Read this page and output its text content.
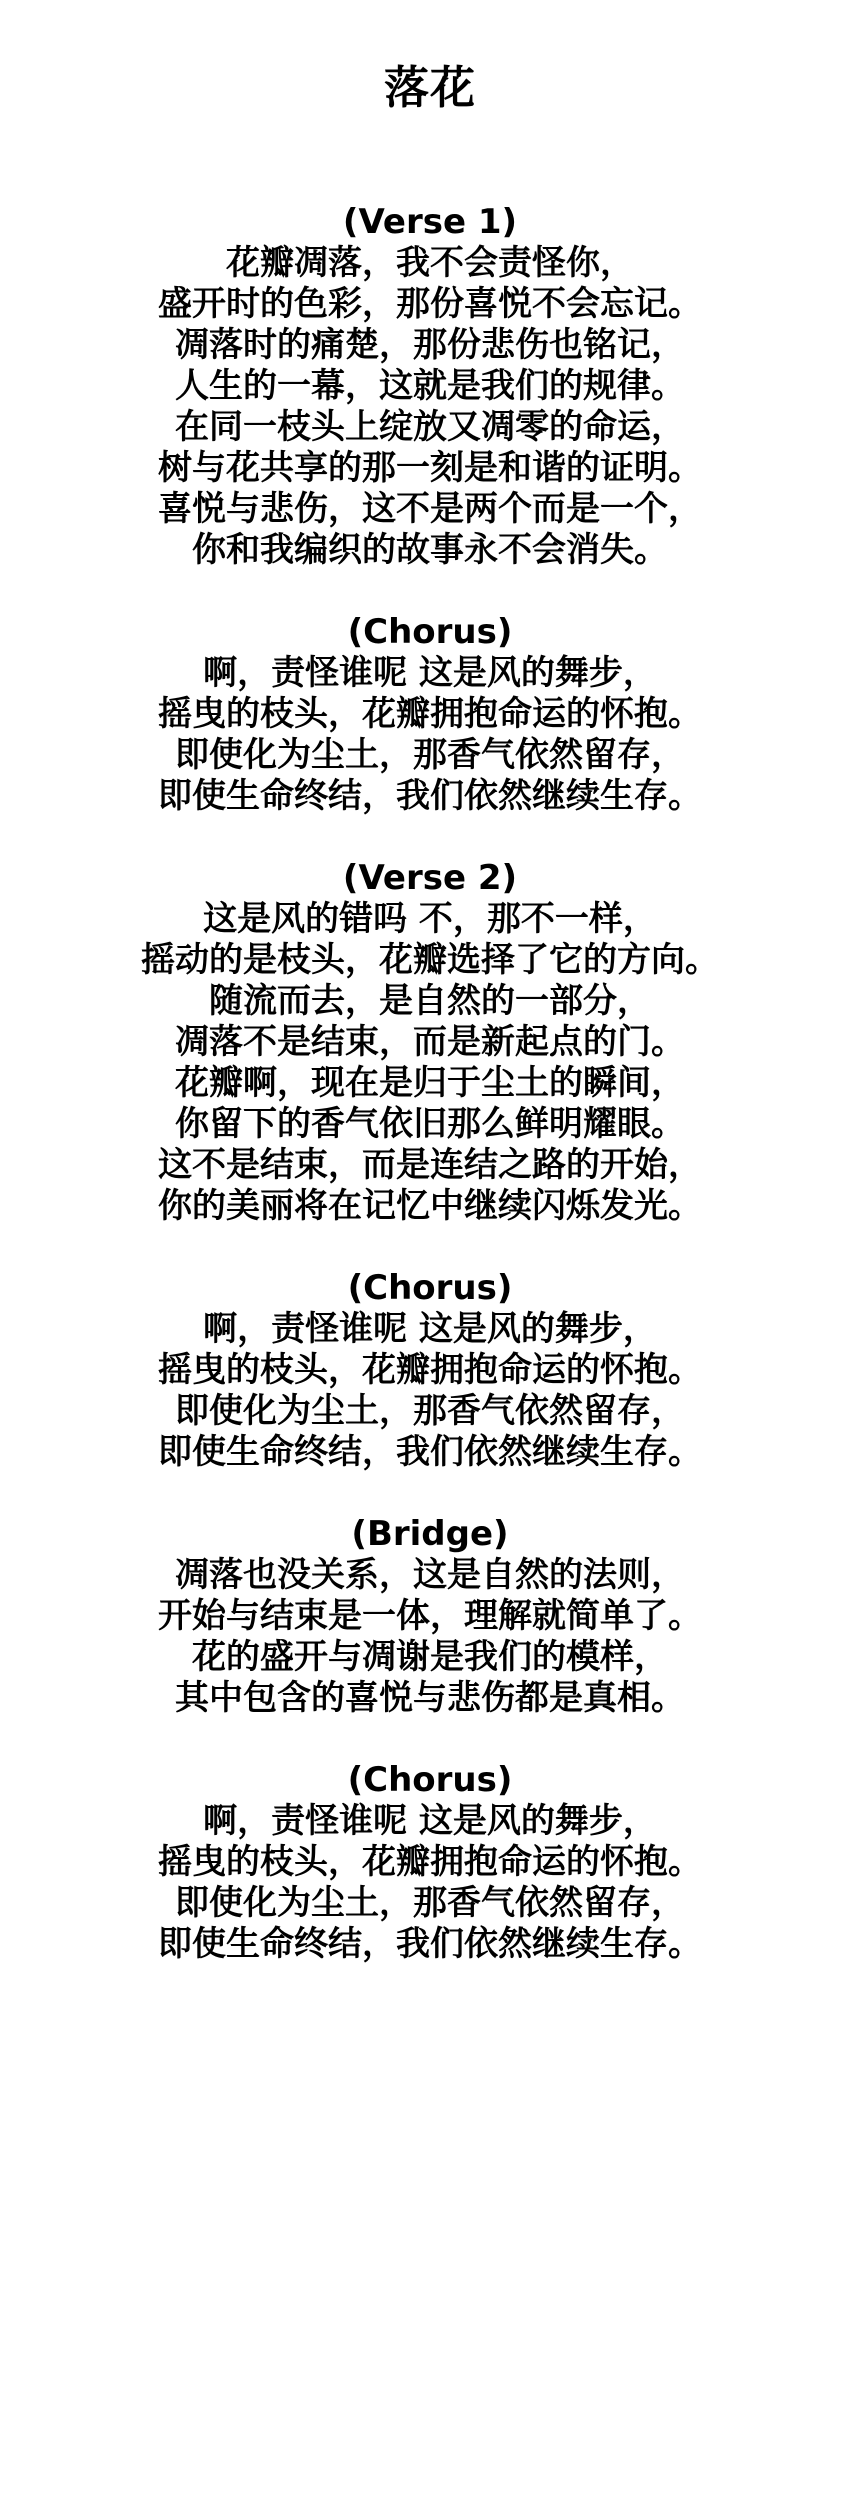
落花
(Verse 1)
花瓣凋落，我不会责怪你，
盛开时的色彩，那份喜悦不会忘记。
凋落时的痛楚，那份悲伤也铭记，
人生的一幕，这就是我们的规律。
在同一枝头上绽放又凋零的命运，
树与花共享的那一刻是和谐的证明。
喜悦与悲伤，这不是两个而是一个，
你和我编织的故事永不会消失。
(Chorus)
啊，责怪谁呢 这是风的舞步，
摇曳的枝头，花瓣拥抱命运的怀抱。
即使化为尘土，那香气依然留存，
即使生命终结，我们依然继续生存。
(Verse 2)
这是风的错吗 不，那不一样，
摇动的是枝头，花瓣选择了它的方向。
随流而去，是自然的一部分，
凋落不是结束，而是新起点的门。
花瓣啊，现在是归于尘土的瞬间，
你留下的香气依旧那么鲜明耀眼。
这不是结束，而是连结之路的开始，
你的美丽将在记忆中继续闪烁发光。
(Chorus)
啊，责怪谁呢 这是风的舞步，
摇曳的枝头，花瓣拥抱命运的怀抱。
即使化为尘土，那香气依然留存，
即使生命终结，我们依然继续生存。
(Bridge)
凋落也没关系，这是自然的法则，
开始与结束是一体，理解就简单了。
花的盛开与凋谢是我们的模样，
其中包含的喜悦与悲伤都是真相。
(Chorus)
啊，责怪谁呢 这是风的舞步，
摇曳的枝头，花瓣拥抱命运的怀抱。
即使化为尘土，那香气依然留存，
即使生命终结，我们依然继续生存。
